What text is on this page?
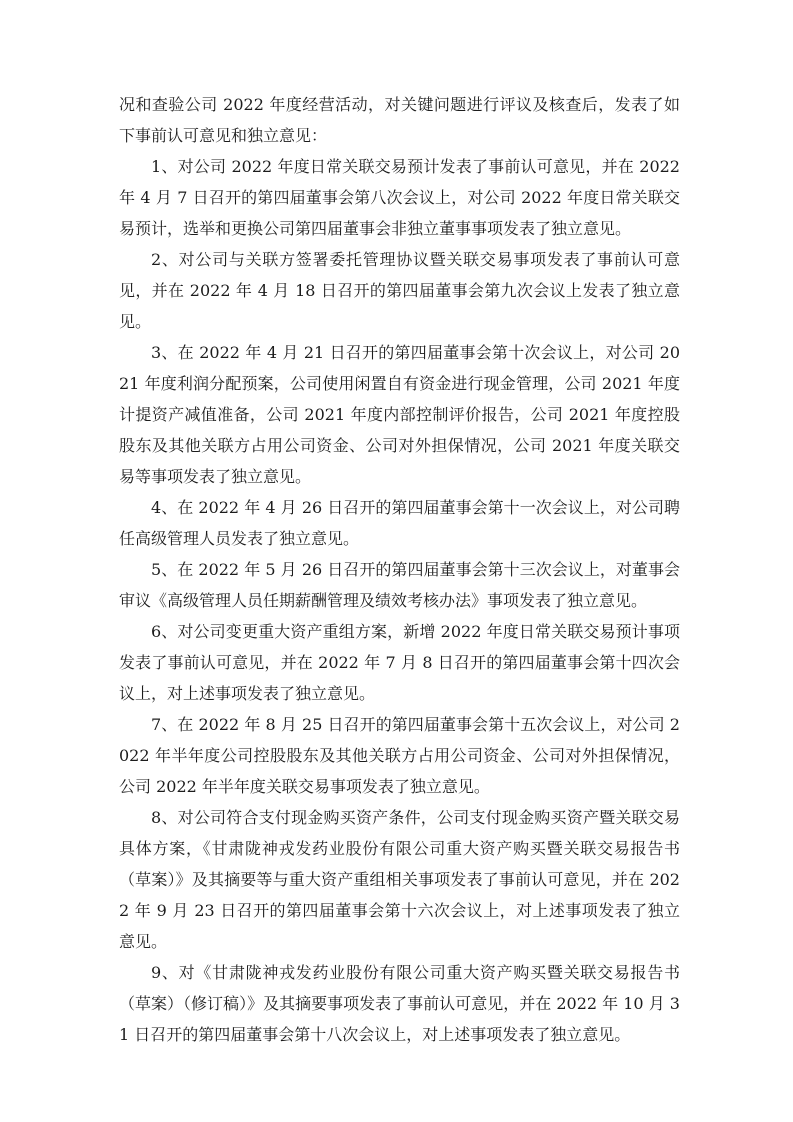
况和查验公司 2022 年度经营活动，对关键问题进行评议及核查后，发表了如下事前认可意见和独立意见：

1、对公司 2022 年度日常关联交易预计发表了事前认可意见，并在 2022 年 4 月 7 日召开的第四届董事会第八次会议上，对公司 2022 年度日常关联交易预计，选举和更换公司第四届董事会非独立董事事项发表了独立意见。

2、对公司与关联方签署委托管理协议暨关联交易事项发表了事前认可意见，并在 2022 年 4 月 18 日召开的第四届董事会第九次会议上发表了独立意见。

3、在 2022 年 4 月 21 日召开的第四届董事会第十次会议上，对公司 2021 年度利润分配预案，公司使用闲置自有资金进行现金管理，公司 2021 年度计提资产减值准备，公司 2021 年度内部控制评价报告，公司 2021 年度控股股东及其他关联方占用公司资金、公司对外担保情况，公司 2021 年度关联交易等事项发表了独立意见。

4、在 2022 年 4 月 26 日召开的第四届董事会第十一次会议上，对公司聘任高级管理人员发表了独立意见。

5、在 2022 年 5 月 26 日召开的第四届董事会第十三次会议上，对董事会审议《高级管理人员任期薪酬管理及绩效考核办法》事项发表了独立意见。

6、对公司变更重大资产重组方案，新增 2022 年度日常关联交易预计事项发表了事前认可意见，并在 2022 年 7 月 8 日召开的第四届董事会第十四次会议上，对上述事项发表了独立意见。

7、在 2022 年 8 月 25 日召开的第四届董事会第十五次会议上，对公司 2022 年半年度公司控股股东及其他关联方占用公司资金、公司对外担保情况，公司 2022 年半年度关联交易事项发表了独立意见。

8、对公司符合支付现金购买资产条件，公司支付现金购买资产暨关联交易具体方案，《甘肃陇神戎发药业股份有限公司重大资产购买暨关联交易报告书（草案）》及其摘要等与重大资产重组相关事项发表了事前认可意见，并在 2022 年 9 月 23 日召开的第四届董事会第十六次会议上，对上述事项发表了独立意见。

9、对《甘肃陇神戎发药业股份有限公司重大资产购买暨关联交易报告书（草案）（修订稿）》及其摘要事项发表了事前认可意见，并在 2022 年 10 月 31 日召开的第四届董事会第十八次会议上，对上述事项发表了独立意见。
